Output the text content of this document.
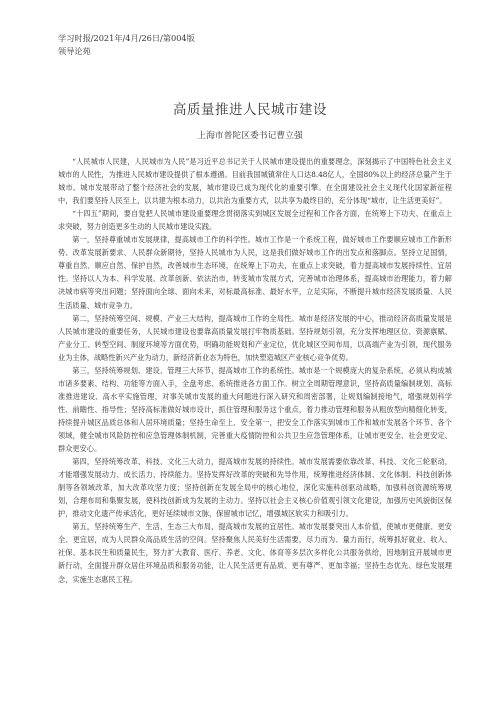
学习时报/2021年/4月/26日/第004版
领导论苑
高质量推进人民城市建设
上海市普陀区委书记曹立强

“人民城市人民建，人民城市为人民”是习近平总书记关于人民城市建设提出的重要理念，深刻揭示了中国特色社会主义城市的人民性，为推进人民城市建设提供了根本遵循。目前我国城镇常住人口达8.48亿人，全国80%以上的经济总量产生于城市。城市发展带动了整个经济社会的发展，城市建设已成为现代化的重要引擎。在全面建设社会主义现代化国家新征程中，我们要坚持人民至上，以共建为根本动力，以共治为重要方式，以共享为最终目的，充分体现“城市，让生活更美好”。

“十四五”期间，要自觉把人民城市建设重要理念贯彻落实到城区发展全过程和工作各方面，在统筹上下功夫、在重点上求突破，努力创造更多生动的人民城市建设实践。

第一，坚持尊重城市发展规律，提高城市工作的科学性。城市工作是一个系统工程，做好城市工作要顺应城市工作新形势、改革发展新要求、人民群众新期待，坚持人民城市为人民，这是我们做好城市工作的出发点和落脚点。坚持立足国情，尊重自然、顺应自然、保护自然，改善城市生态环境，在统筹上下功夫，在重点上求突破，着力提高城市发展持续性、宜居性。坚持以人为本、科学发展、改革创新、依法治市，转变城市发展方式，完善城市治理体系，提高城市治理能力，着力解决城市病等突出问题；坚持面向全球、面向未来，对标最高标准、最好水平，立足实际，不断提升城市经济发展质量、人民生活质量、城市竞争力。

第二，坚持统筹空间、规模、产业三大结构，提高城市工作的全局性。城市是经济发展的中心，推动经济高质量发展是人民城市建设的重要任务，人民城市建设也要靠高质量发展打牢物质基础。坚持规划引领，充分发挥地理区位、资源禀赋、产业分工、转型空间、制度环境等方面优势，明确功能规划和产业定位，优化城区空间布局，以高端产业为引领，现代服务业为主体，战略性新兴产业为动力，新经济新业态为特色，加快塑造城区产业核心竞争优势。

第三，坚持统筹规划、建设、管理三大环节，提高城市工作的系统性。城市是一个规模庞大的复杂系统，必须从构成城市诸多要素、结构、功能等方面入手，全盘考虑、系统推进各方面工作。树立全周期管理意识，坚持高质量编制规划、高标准推进建设、高水平实施管理，对事关城市发展的重大问题进行深入研究和周密部署，让规划编制接地气，增强规划科学性、前瞻性、指导性；坚持高标准做好城市设计，抓住管理和服务这个重点，着力推动管理和服务从粗放型向精细化转变，持续提升城区品质总体和人居环境质量；坚持生命至上、安全第一，把安全工作落实到城市工作和城市发展各个环节、各个领域，健全城市风险防控和应急管理体制机制，完善重大疫情防控和公共卫生应急管理体系，让城市更安全、社会更安定、群众更安心。

第四，坚持统筹改革、科技、文化三大动力，提高城市发展的持续性。城市发展需要依靠改革、科技、文化三轮驱动，才能增强发展动力、成长活力、持续能力。坚持发挥好改革的突破和先导作用，统筹推进经济体制、文化体制、科技创新体制等各领域改革，加大改革攻坚力度；坚持创新在发展全局中的核心地位，深化实施科创驱动战略，加强科创资源统筹规划，合理布局和集聚发展，使科技创新成为发展的主动力。坚持以社会主义核心价值观引领文化建设，加强历史风貌街区保护，推动文化遗产传承活化，更好延续城市文脉，保留城市记忆，增强城区软实力和吸引力。

第五，坚持统筹生产、生活、生态三大布局，提高城市发展的宜居性。城市发展要突出人本价值，使城市更健康、更安全、更宜居，成为人民群众高品质生活的空间。坚持聚焦人民美好生活需要，尽力而为、量力而行，统筹抓好就业、收入、社保、基本民生和质量民生，努力扩大教育、医疗、养老、文化、体育等多层次多样化公共服务供给，因地制宜开展城市更新行动，全面提升群众居住环境品质和服务功能，让人民生活更有品质、更有尊严、更加幸福；坚持生态优先、绿色发展理念，实施生态惠民工程。
